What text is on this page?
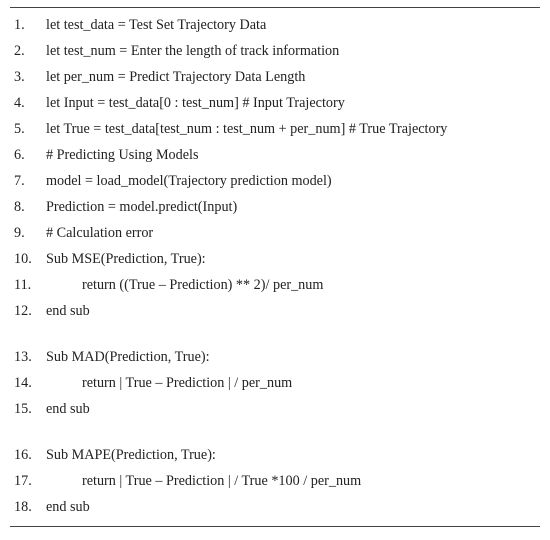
1.	let test_data = Test Set Trajectory Data
2.	let test_num = Enter the length of track information
3.	let per_num = Predict Trajectory Data Length
4.	let Input = test_data[0 : test_num] # Input Trajectory
5.	let True = test_data[test_num : test_num + per_num] # True Trajectory
6.	# Predicting Using Models
7.	model = load_model(Trajectory prediction model)
8.	Prediction = model.predict(Input)
9.	# Calculation error
10.	Sub MSE(Prediction, True):
11.	return ((True – Prediction) ** 2)/ per_num
12.	end sub
13.	Sub MAD(Prediction, True):
14.	return | True – Prediction | / per_num
15.	end sub
16.	Sub MAPE(Prediction, True):
17.	return | True – Prediction | / True *100 / per_num
18.	end sub
